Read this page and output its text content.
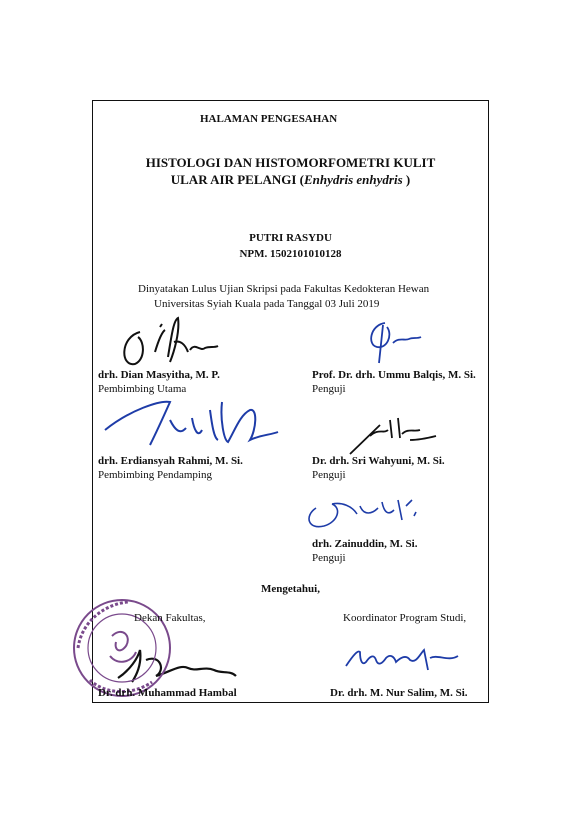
HALAMAN PENGESAHAN
HISTOLOGI DAN HISTOMORFOMETRI KULIT
ULAR AIR PELANGI (Enhydris enhydris )
PUTRI RASYDU
NPM. 1502101010128
Dinyatakan Lulus Ujian Skripsi pada Fakultas Kedokteran Hewan
Universitas Syiah Kuala pada Tanggal 03 Juli 2019
drh. Dian Masyitha, M. P.
Pembimbing Utama
Prof. Dr. drh. Ummu Balqis, M. Si.
Penguji
drh. Erdiansyah Rahmi, M. Si.
Pembimbing Pendamping
Dr. drh. Sri Wahyuni, M. Si.
Penguji
drh. Zainuddin, M. Si.
Penguji
Mengetahui,
Dekan Fakultas,	Koordinator Program Studi,
Dr. drh. Muhammad Hambal	Dr. drh. M. Nur Salim, M. Si.
